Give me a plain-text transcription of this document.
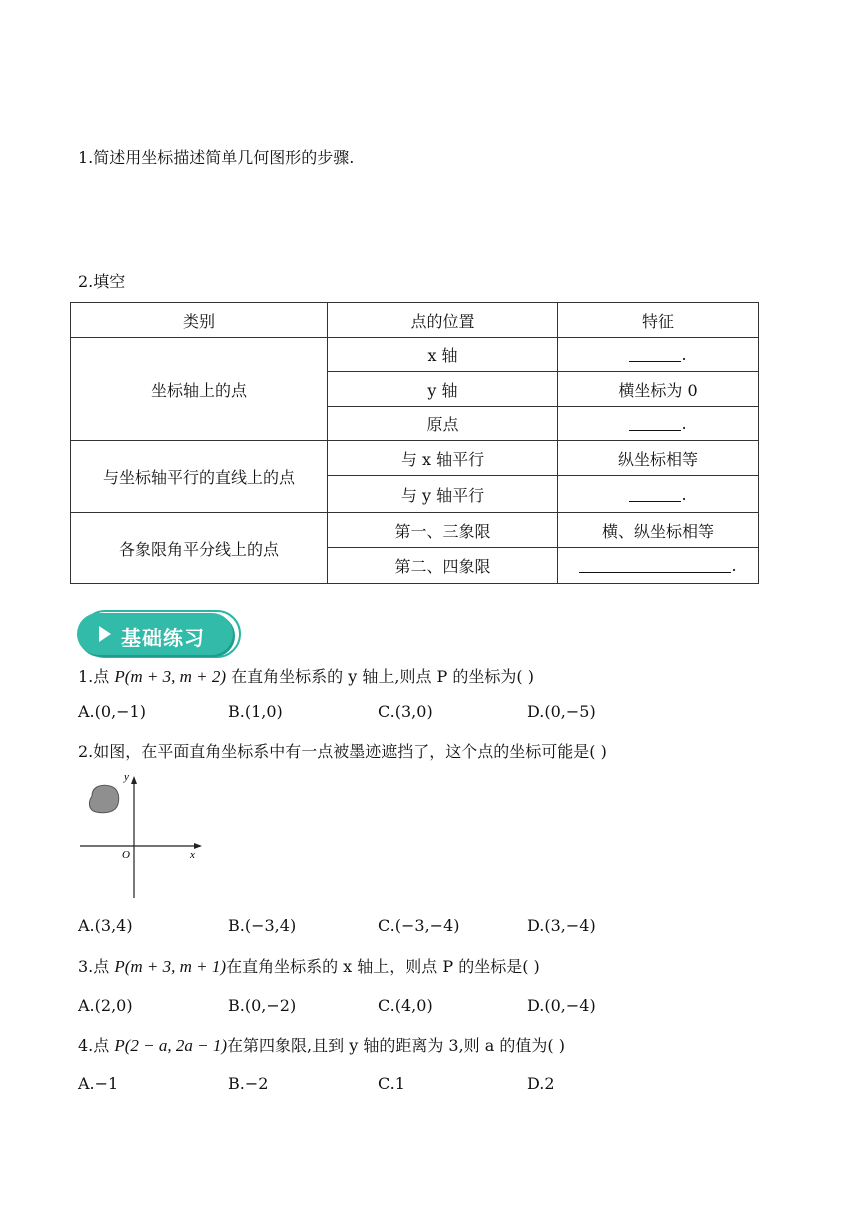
1.简述用坐标描述简单几何图形的步骤.
2.填空
类别	点的位置	特征
坐标轴上的点	x 轴	.
	y 轴	横坐标为 0
	原点	.
与坐标轴平行的直线上的点	与 x 轴平行	纵坐标相等
	与 y 轴平行	.
各象限角平分线上的点	第一、三象限	横、纵坐标相等
	第二、四象限	.
基础练习
1.点 P(m + 3, m + 2) 在直角坐标系的 y 轴上,则点 P 的坐标为( )
A.(0,−1)	B.(1,0)	C.(3,0)	D.(0,−5)
2.如图，在平面直角坐标系中有一点被墨迹遮挡了，这个点的坐标可能是( )
x
y
O
A.(3,4)	B.(−3,4)	C.(−3,−4)	D.(3,−4)
3.点 P(m + 3, m + 1)在直角坐标系的 x 轴上，则点 P 的坐标是( )
A.(2,0)	B.(0,−2)	C.(4,0)	D.(0,−4)
4.点 P(2 − a, 2a − 1)在第四象限,且到 y 轴的距离为 3,则 a 的值为( )
A.−1	B.−2	C.1	D.2
